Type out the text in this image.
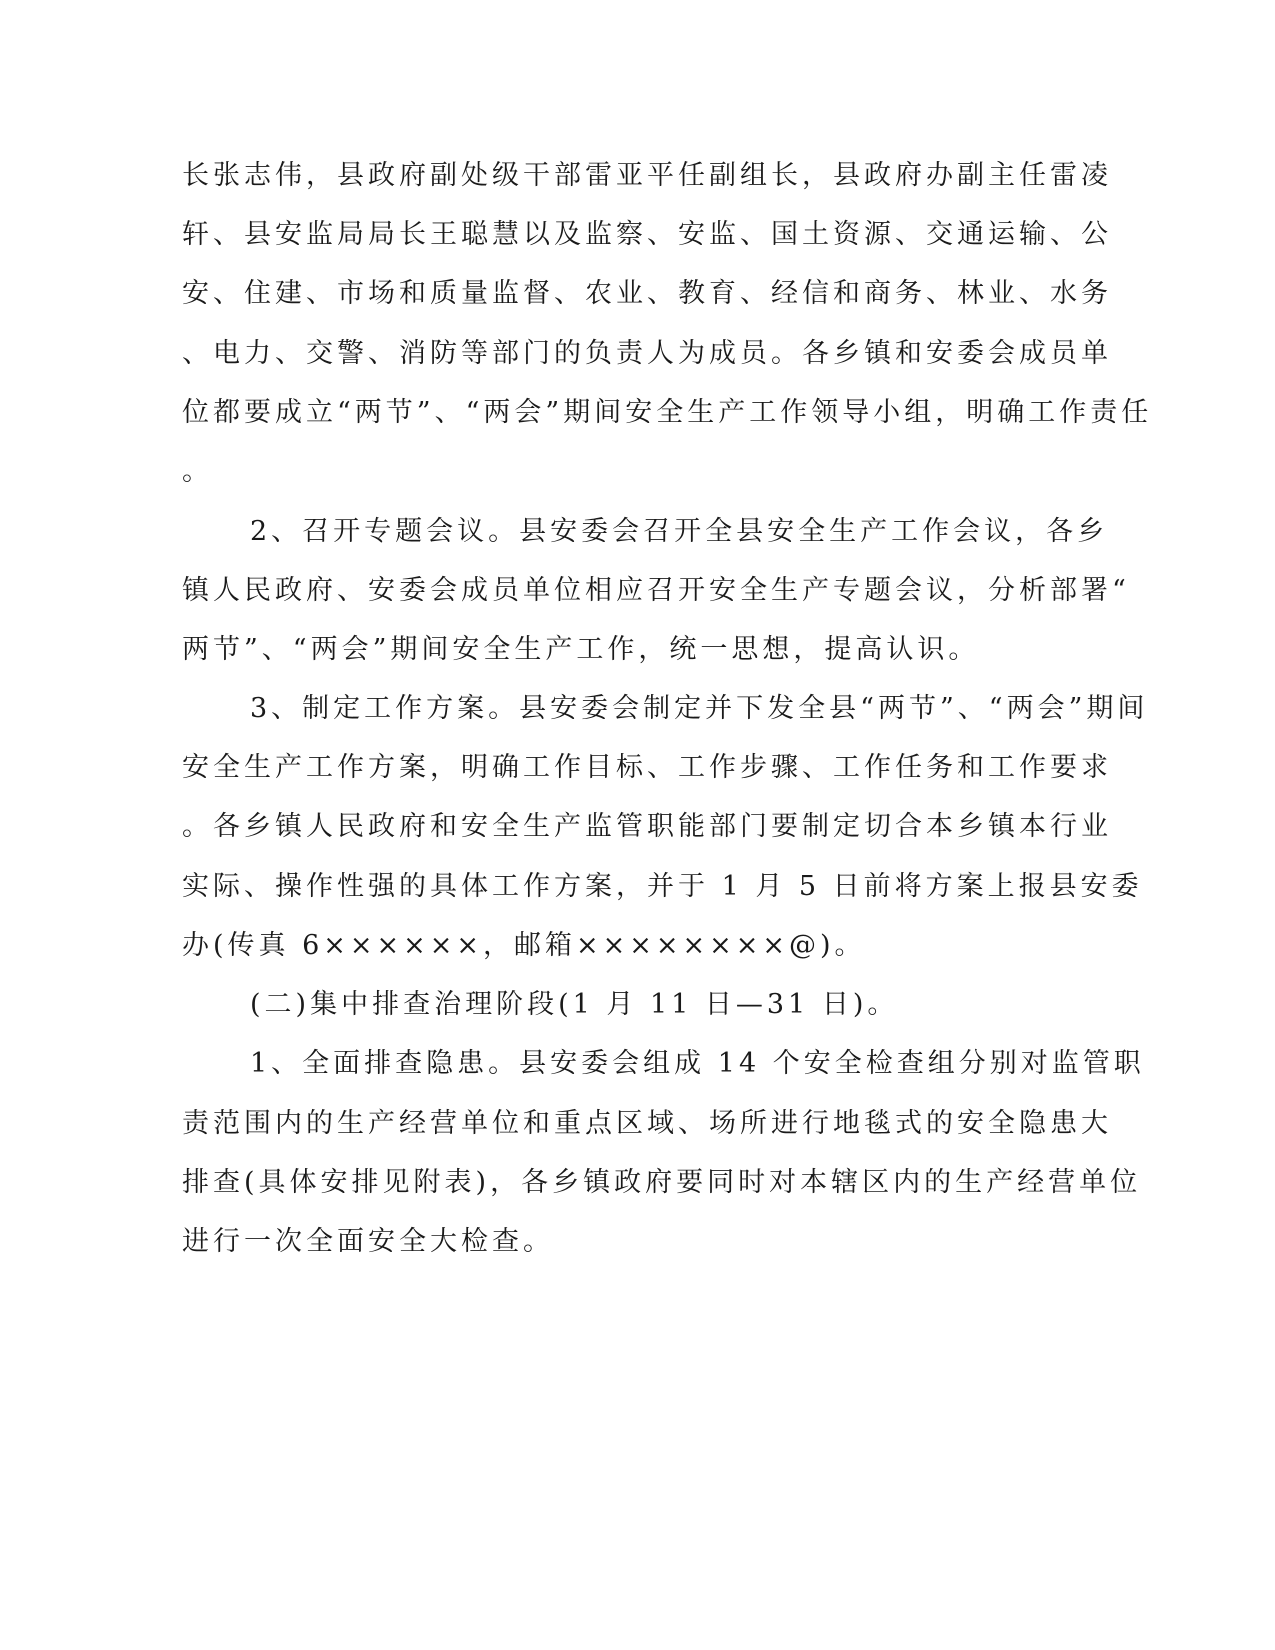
长张志伟，县政府副处级干部雷亚平任副组长，县政府办副主任雷凌
轩、县安监局局长王聪慧以及监察、安监、国土资源、交通运输、公
安、住建、市场和质量监督、农业、教育、经信和商务、林业、水务
、电力、交警、消防等部门的负责人为成员。各乡镇和安委会成员单
位都要成立“两节”、“两会”期间安全生产工作领导小组，明确工作责任
。
2、召开专题会议。县安委会召开全县安全生产工作会议，各乡
镇人民政府、安委会成员单位相应召开安全生产专题会议，分析部署“
两节”、“两会”期间安全生产工作，统一思想，提高认识。
3、制定工作方案。县安委会制定并下发全县“两节”、“两会”期间
安全生产工作方案，明确工作目标、工作步骤、工作任务和工作要求
。各乡镇人民政府和安全生产监管职能部门要制定切合本乡镇本行业
实际、操作性强的具体工作方案，并于 1 月 5 日前将方案上报县安委
办(传真 6××××××，邮箱××××××××@)。
(二)集中排查治理阶段(1 月 11 日—31 日)。
1、全面排查隐患。县安委会组成 14 个安全检查组分别对监管职
责范围内的生产经营单位和重点区域、场所进行地毯式的安全隐患大
排查(具体安排见附表)，各乡镇政府要同时对本辖区内的生产经营单位
进行一次全面安全大检查。
